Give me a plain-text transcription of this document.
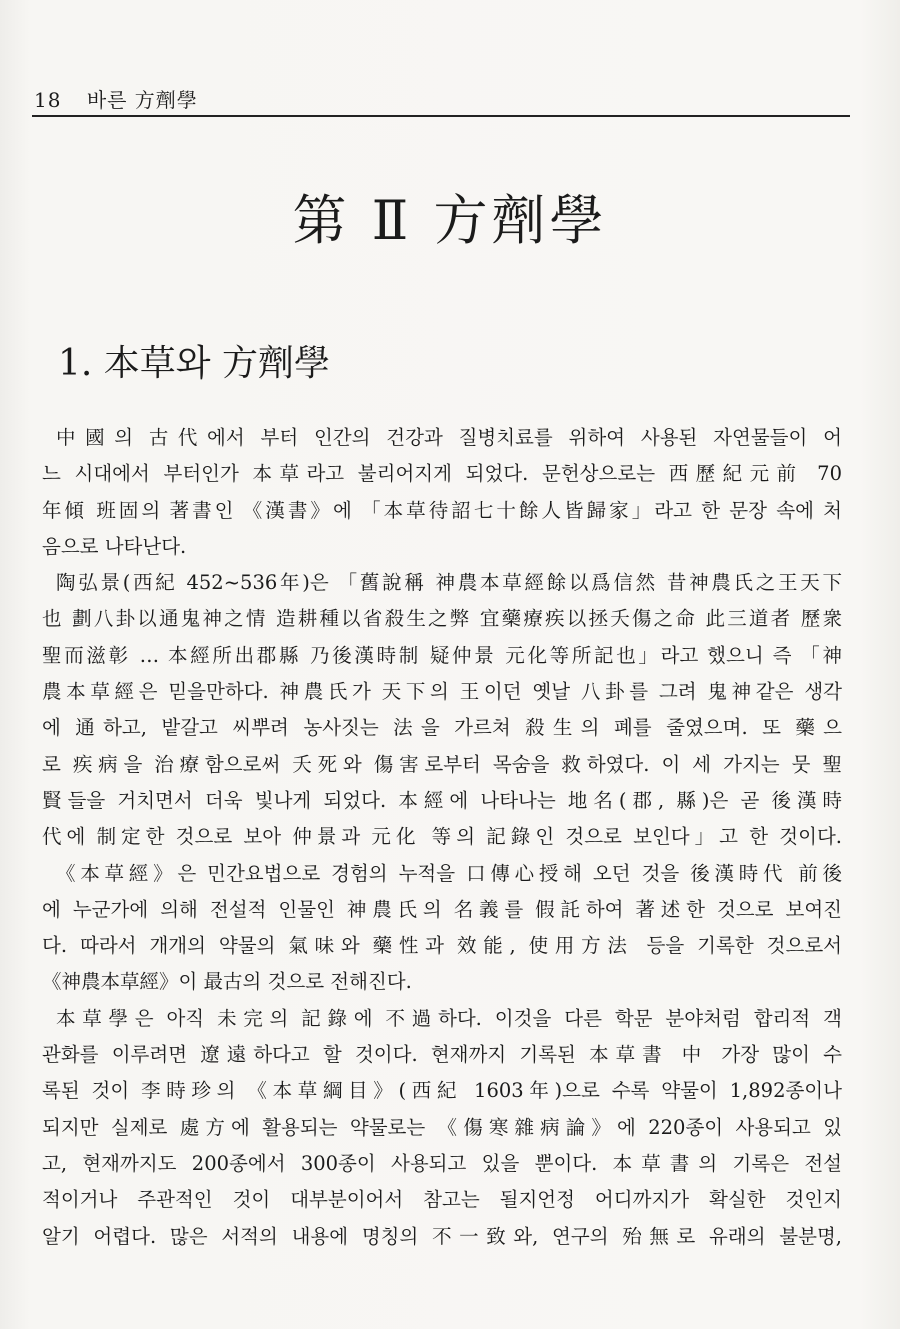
18 바른 方劑學
第 Ⅱ 方劑學
1. 本草와 方劑學
中國의 古代에서 부터 인간의 건강과 질병치료를 위하여 사용된 자연물들이 어
느 시대에서 부터인가 本草라고 불리어지게 되었다. 문헌상으로는 西歷紀元前 70
年傾 班固의 著書인 《漢書》에 「本草待詔七十餘人皆歸家」라고 한 문장 속에 처
음으로 나타난다.
陶弘景(西紀 452~536年)은 「舊說稱 神農本草經餘以爲信然 昔神農氏之王天下
也 劃八卦以通鬼神之情 造耕種以省殺生之弊 宜藥療疾以拯夭傷之命 此三道者 歷衆
聖而滋彰 … 本經所出郡縣 乃後漢時制 疑仲景 元化等所記也」라고 했으니 즉 「神
農本草經은 믿을만하다. 神農氏가 天下의 王이던 옛날 八卦를 그려 鬼神같은 생각
에 通하고, 밭갈고 씨뿌려 농사짓는 法을 가르쳐 殺生의 폐를 줄였으며. 또 藥으
로 疾病을 治療함으로써 夭死와 傷害로부터 목숨을 救하였다. 이 세 가지는 뭇 聖
賢들을 거치면서 더욱 빛나게 되었다. 本經에 나타나는 地名(郡, 縣)은 곧 後漢時
代에 制定한 것으로 보아 仲景과 元化 等의 記錄인 것으로 보인다」고 한 것이다.
《本草經》은 민간요법으로 경험의 누적을 口傳心授해 오던 것을 後漢時代 前後
에 누군가에 의해 전설적 인물인 神農氏의 名義를 假託하여 著述한 것으로 보여진
다. 따라서 개개의 약물의 氣味와 藥性과 效能, 使用方法 등을 기록한 것으로서
《神農本草經》이 最古의 것으로 전해진다.
本草學은 아직 未完의 記錄에 不過하다. 이것을 다른 학문 분야처럼 합리적 객
관화를 이루려면 遼遠하다고 할 것이다. 현재까지 기록된 本草書 中 가장 많이 수
록된 것이 李時珍의 《本草綱目》(西紀 1603年)으로 수록 약물이 1,892종이나
되지만 실제로 處方에 활용되는 약물로는 《傷寒雜病論》에 220종이 사용되고 있
고, 현재까지도 200종에서 300종이 사용되고 있을 뿐이다. 本草書의 기록은 전설
적이거나 주관적인 것이 대부분이어서 참고는 될지언정 어디까지가 확실한 것인지
알기 어렵다. 많은 서적의 내용에 명칭의 不一致와, 연구의 殆無로 유래의 불분명,
